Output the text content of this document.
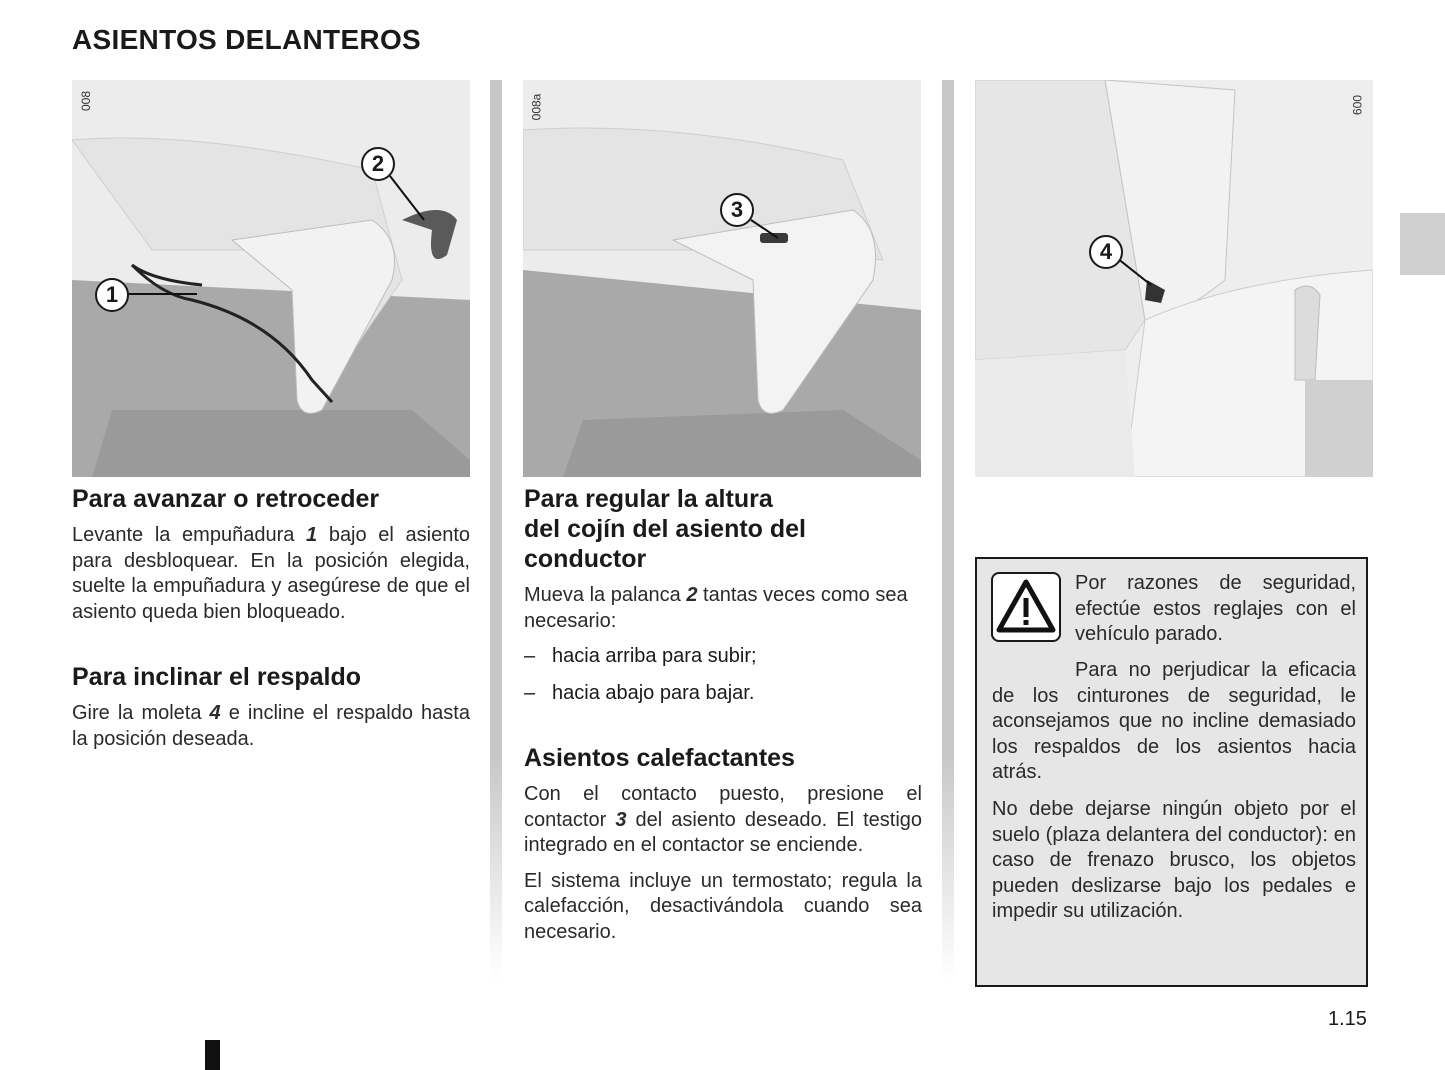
ASIENTOS DELANTEROS
008
1
2
008a
3
009
4
Para avanzar o retroceder

Levante la empuñadura 1 bajo el asiento para desbloquear. En la posición elegida, suelte la empuñadura y asegúrese de que el asiento queda bien bloqueado.

Para inclinar el respaldo

Gire la moleta 4 e incline el respaldo hasta la posición deseada.

Para regular la altura
del cojín del asiento del
conductor

Mueva la palanca 2 tantas veces como sea necesario:

– hacia arriba para subir;
– hacia abajo para bajar.
Asientos calefactantes

Con el contacto puesto, presione el contactor 3 del asiento deseado. El testigo integrado en el contactor se enciende.

El sistema incluye un termostato; regula la calefacción, desactivándola cuando sea necesario.

Por razones de seguridad, efectúe estos reglajes con el vehículo parado.
Para no perjudicar la eficacia de los cinturones de seguridad, le aconsejamos que no incline demasiado los respaldos de los asientos hacia atrás.
No debe dejarse ningún objeto por el suelo (plaza delantera del conductor): en caso de frenazo brusco, los objetos pueden deslizarse bajo los pedales e impedir su utilización.
1.15
